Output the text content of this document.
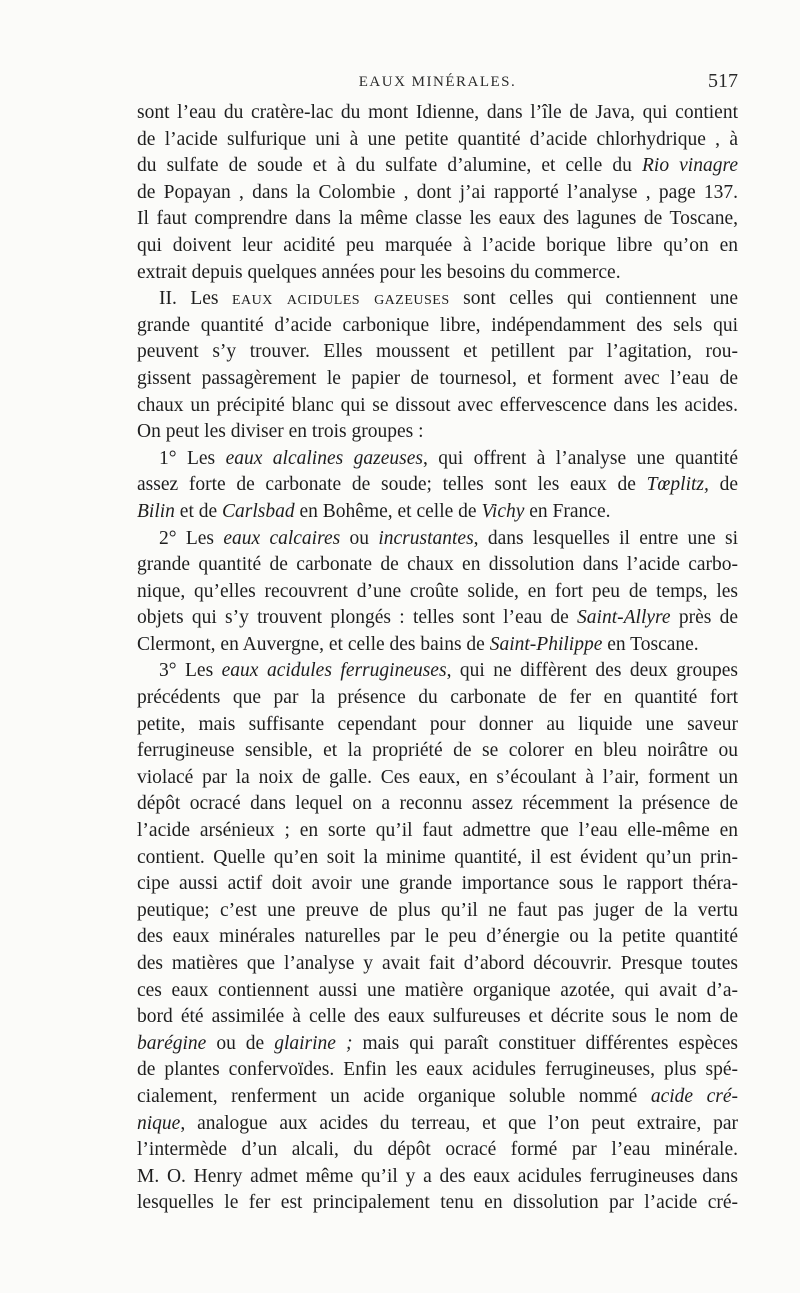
EAUX MINÉRALES.	517
sont l’eau du cratère-lac du mont Idienne, dans l’île de Java, qui contient
de l’acide sulfurique uni à une petite quantité d’acide chlorhydrique , à
du sulfate de soude et à du sulfate d’alumine, et celle du Rio vinagre
de Popayan , dans la Colombie , dont j’ai rapporté l’analyse , page 137.
Il faut comprendre dans la même classe les eaux des lagunes de Toscane,
qui doivent leur acidité peu marquée à l’acide borique libre qu’on en
extrait depuis quelques années pour les besoins du commerce.
II. Les eaux acidules gazeuses sont celles qui contiennent une
grande quantité d’acide carbonique libre, indépendamment des sels qui
peuvent s’y trouver. Elles moussent et petillent par l’agitation, rou-
gissent passagèrement le papier de tournesol, et forment avec l’eau de
chaux un précipité blanc qui se dissout avec effervescence dans les acides.
On peut les diviser en trois groupes :
1° Les eaux alcalines gazeuses, qui offrent à l’analyse une quantité
assez forte de carbonate de soude; telles sont les eaux de Tœplitz, de
Bilin et de Carlsbad en Bohême, et celle de Vichy en France.
2° Les eaux calcaires ou incrustantes, dans lesquelles il entre une si
grande quantité de carbonate de chaux en dissolution dans l’acide carbo-
nique, qu’elles recouvrent d’une croûte solide, en fort peu de temps, les
objets qui s’y trouvent plongés : telles sont l’eau de Saint-Allyre près de
Clermont, en Auvergne, et celle des bains de Saint-Philippe en Toscane.
3° Les eaux acidules ferrugineuses, qui ne diffèrent des deux groupes
précédents que par la présence du carbonate de fer en quantité fort
petite, mais suffisante cependant pour donner au liquide une saveur
ferrugineuse sensible, et la propriété de se colorer en bleu noirâtre ou
violacé par la noix de galle. Ces eaux, en s’écoulant à l’air, forment un
dépôt ocracé dans lequel on a reconnu assez récemment la présence de
l’acide arsénieux ; en sorte qu’il faut admettre que l’eau elle-même en
contient. Quelle qu’en soit la minime quantité, il est évident qu’un prin-
cipe aussi actif doit avoir une grande importance sous le rapport théra-
peutique; c’est une preuve de plus qu’il ne faut pas juger de la vertu
des eaux minérales naturelles par le peu d’énergie ou la petite quantité
des matières que l’analyse y avait fait d’abord découvrir. Presque toutes
ces eaux contiennent aussi une matière organique azotée, qui avait d’a-
bord été assimilée à celle des eaux sulfureuses et décrite sous le nom de
barégine ou de glairine ; mais qui paraît constituer différentes espèces
de plantes confervoïdes. Enfin les eaux acidules ferrugineuses, plus spé-
cialement, renferment un acide organique soluble nommé acide cré-
nique, analogue aux acides du terreau, et que l’on peut extraire, par
l’intermède d’un alcali, du dépôt ocracé formé par l’eau minérale.
M. O. Henry admet même qu’il y a des eaux acidules ferrugineuses dans
lesquelles le fer est principalement tenu en dissolution par l’acide cré-
